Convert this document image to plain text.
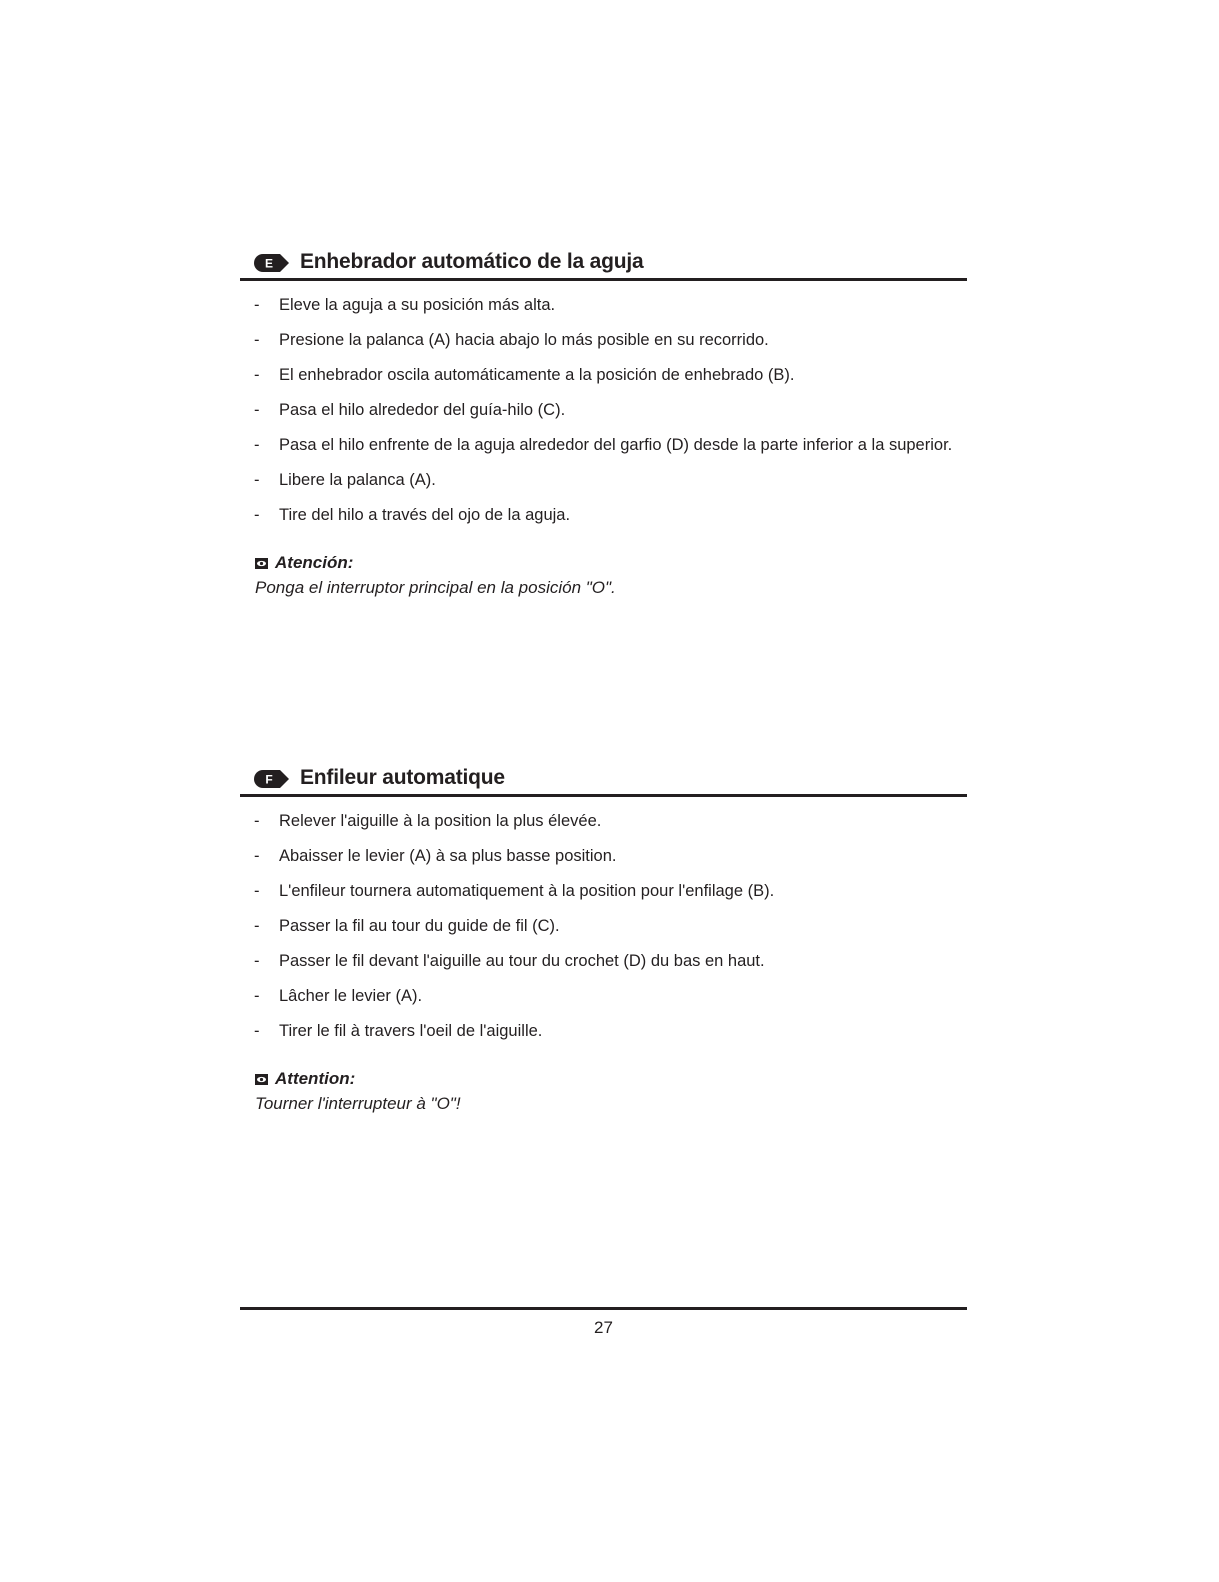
E Enhebrador automático de la aguja
- Eleve la aguja a su posición más alta.
- Presione la palanca (A) hacia abajo lo más posible en su recorrido.
- El enhebrador oscila automáticamente a la posición de enhebrado (B).
- Pasa el hilo alrededor del guía-hilo (C).
- Pasa el hilo enfrente de la aguja alrededor del garfio (D) desde la parte inferior a la superior.
- Libere la palanca (A).
- Tire del hilo a través del ojo de la aguja.
Atención:
Ponga el interruptor principal en la posición "O".
F Enfileur automatique
- Relever l'aiguille à la position la plus élevée.
- Abaisser le levier (A) à sa plus basse position.
- L'enfileur tournera automatiquement à la position pour l'enfilage (B).
- Passer la fil au tour du guide de fil (C).
- Passer le fil devant l'aiguille au tour du crochet (D) du bas en haut.
- Lâcher le levier (A).
- Tirer le fil à travers l'oeil de l'aiguille.
Attention:
Tourner l'interrupteur à "O"!
27
